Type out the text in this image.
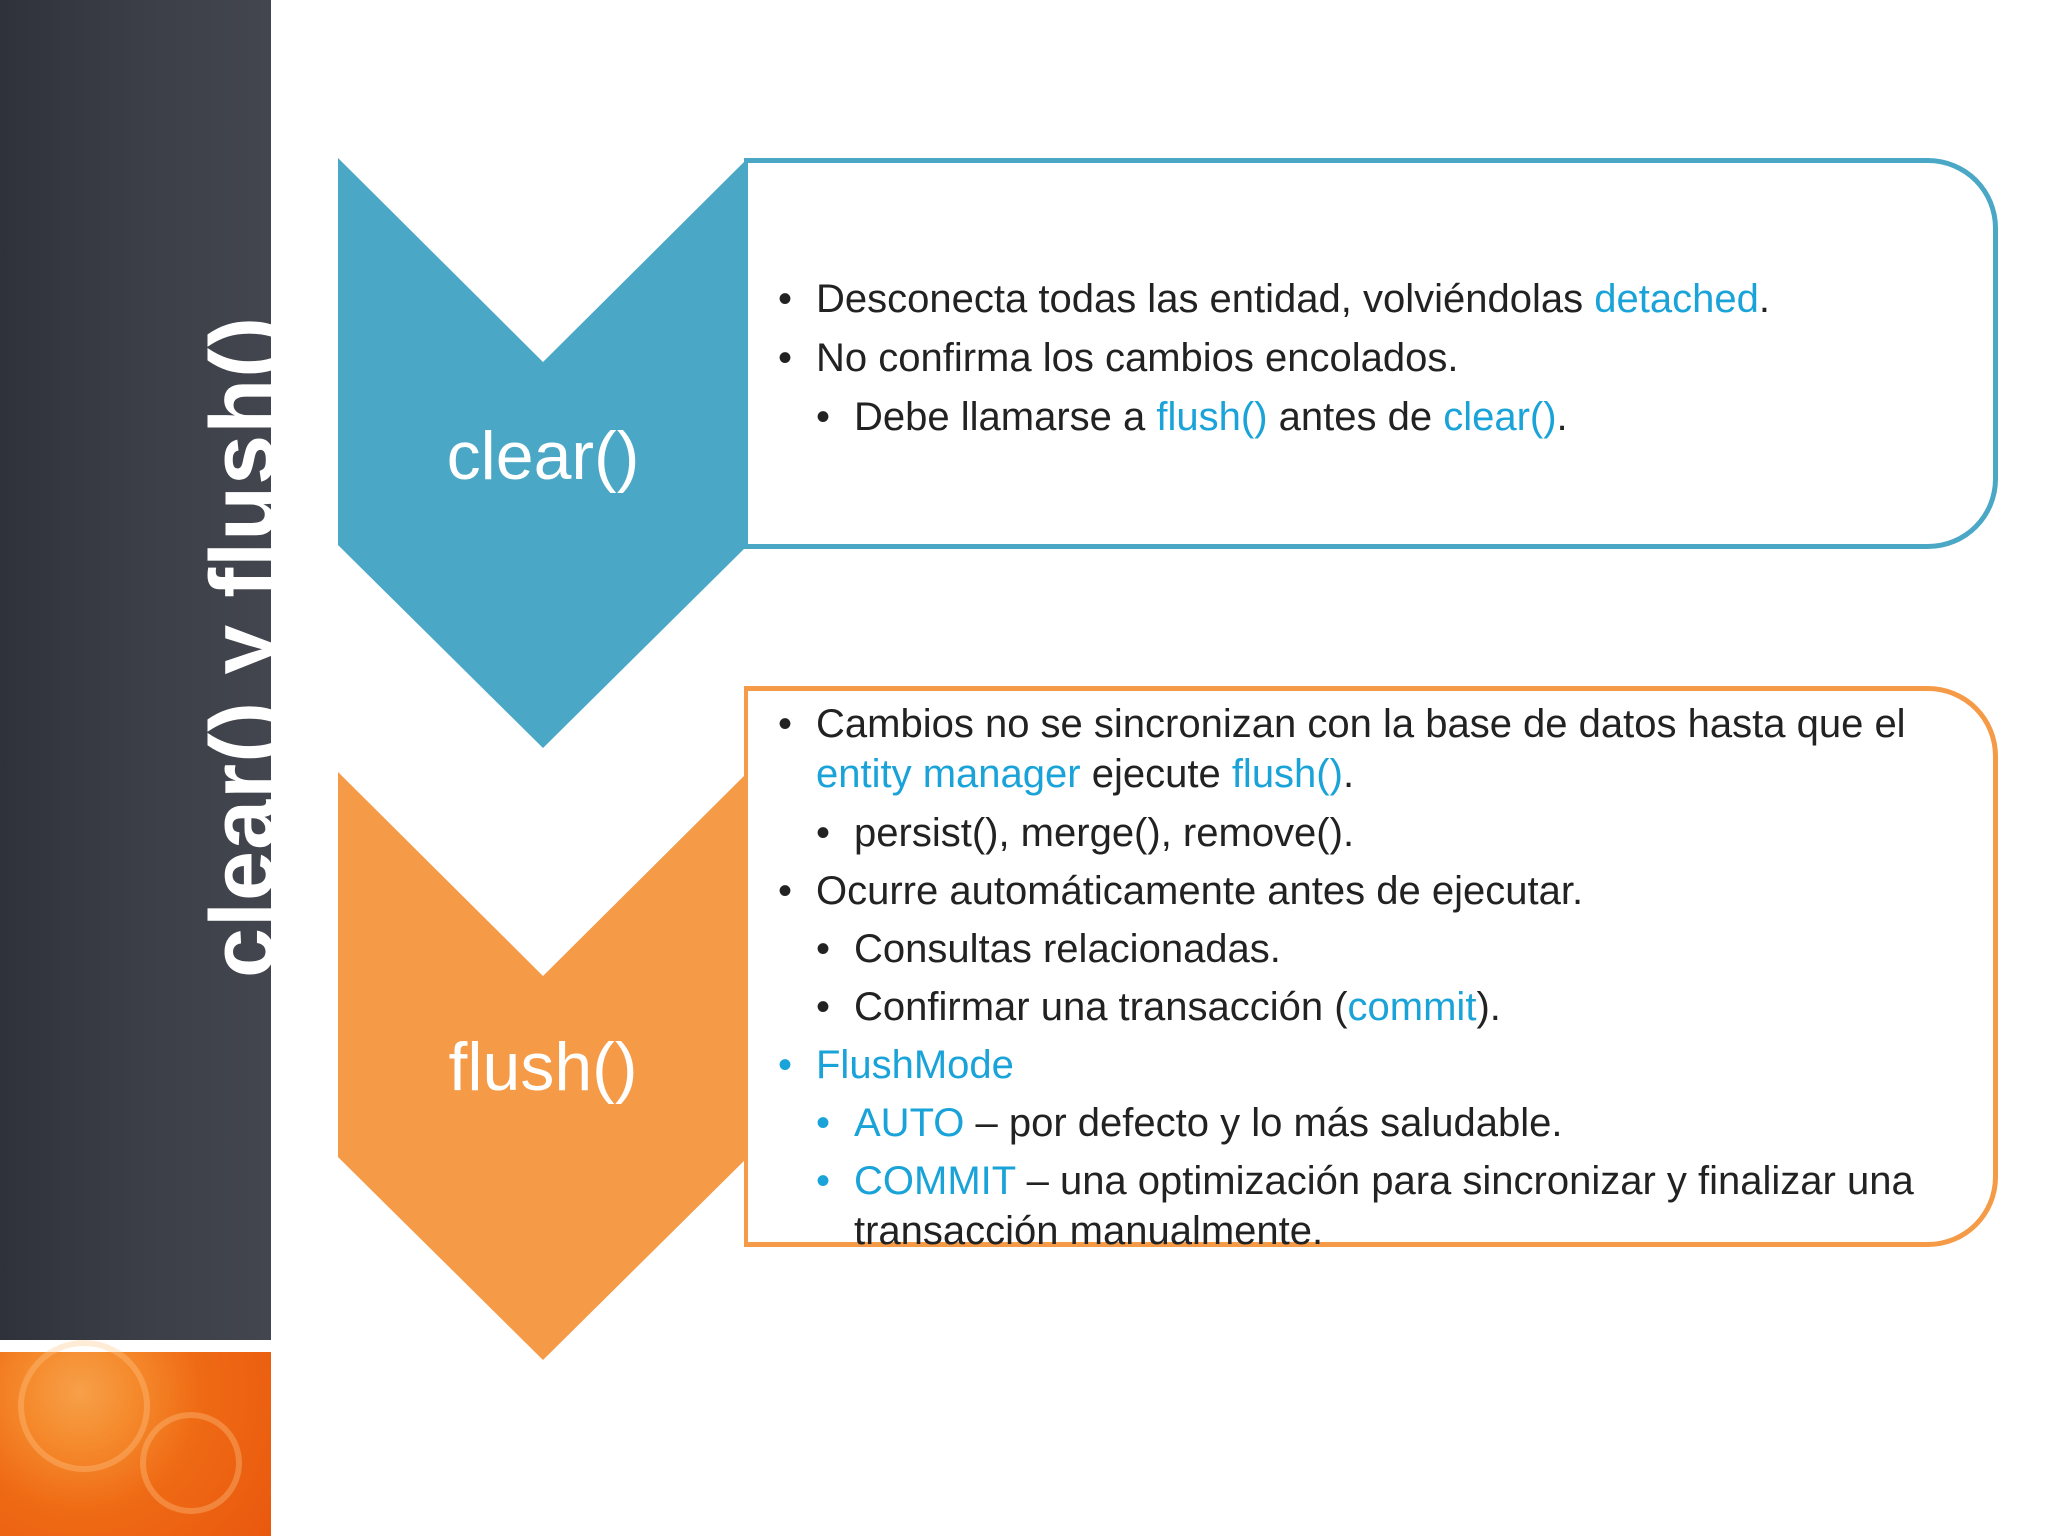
clear() y flush()	clear()
flush()
• Desconecta todas las entidad, volviéndolas detached.
• No confirma los cambios encolados.
• Debe llamarse a flush() antes de clear().
• Cambios no se sincronizan con la base de datos hasta que el entity manager ejecute flush().
• persist(), merge(), remove().
• Ocurre automáticamente antes de ejecutar.
• Consultas relacionadas.
• Confirmar una transacción (commit).
• FlushMode
• AUTO – por defecto y lo más saludable.
• COMMIT – una optimización para sincronizar y finalizar una transacción manualmente.
